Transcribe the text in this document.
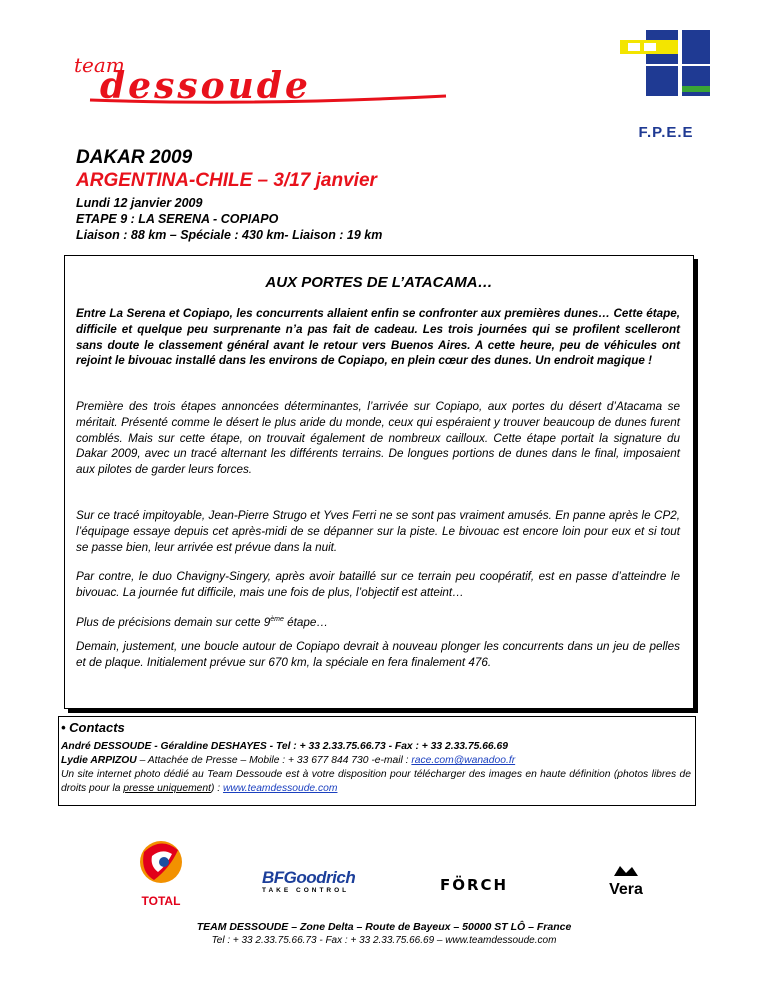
team
dessoude
F.P.E.E
DAKAR 2009
ARGENTINA-CHILE – 3/17 janvier
Lundi 12 janvier 2009
ETAPE 9 : LA SERENA - COPIAPO
Liaison : 88 km – Spéciale : 430 km- Liaison : 19 km
AUX PORTES DE L’ATACAMA…
Entre La Serena et Copiapo, les concurrents allaient enfin se confronter aux premières dunes… Cette étape, difficile et quelque peu surprenante n’a pas fait de cadeau. Les trois journées qui se profilent scelleront sans doute le classement général avant le retour vers Buenos Aires. A cette heure, peu de véhicules ont rejoint le bivouac installé dans les environs de Copiapo, en plein cœur des dunes. Un endroit magique !
Première des trois étapes annoncées déterminantes, l’arrivée sur Copiapo, aux portes du désert d’Atacama se méritait. Présenté comme le désert le plus aride du monde, ceux qui espéraient y trouver beaucoup de dunes furent comblés. Mais sur cette étape, on trouvait également de nombreux cailloux. Cette étape portait la signature du Dakar 2009, avec un tracé alternant les différents terrains. De longues portions de dunes dans le final, imposaient aux pilotes de garder leurs forces.
Sur ce tracé impitoyable, Jean-Pierre Strugo et Yves Ferri ne se sont pas vraiment amusés. En panne après le CP2, l’équipage essaye depuis cet après-midi de se dépanner sur la piste. Le bivouac est encore loin pour eux et si tout se passe bien, leur arrivée est prévue dans la nuit.
Par contre, le duo Chavigny-Singery, après avoir bataillé sur ce terrain peu coopératif, est en passe d’atteindre le bivouac. La journée fut difficile, mais une fois de plus, l’objectif est atteint…
Plus de précisions demain sur cette 9ème étape…
Demain, justement, une boucle autour de Copiapo devrait à nouveau plonger les concurrents dans un jeu de pelles et de plaque. Initialement prévue sur 670 km, la spéciale en fera finalement 476.
• Contacts
André DESSOUDE - Géraldine DESHAYES - Tel : + 33 2.33.75.66.73 - Fax : + 33 2.33.75.66.69
Lydie ARPIZOU – Attachée de Presse – Mobile : + 33 677 844 730 -e-mail : race.com@wanadoo.fr
Un site internet photo dédié au Team Dessoude est à votre disposition pour télécharger des images en haute définition (photos libres de droits pour la presse uniquement) : www.teamdessoude.com
TOTAL
BFGoodrich
TAKE CONTROL	FÖRCH	Vera
TEAM DESSOUDE – Zone Delta – Route de Bayeux – 50000 ST LÔ – France
Tel : + 33 2.33.75.66.73 - Fax : + 33 2.33.75.66.69 – www.teamdessoude.com
